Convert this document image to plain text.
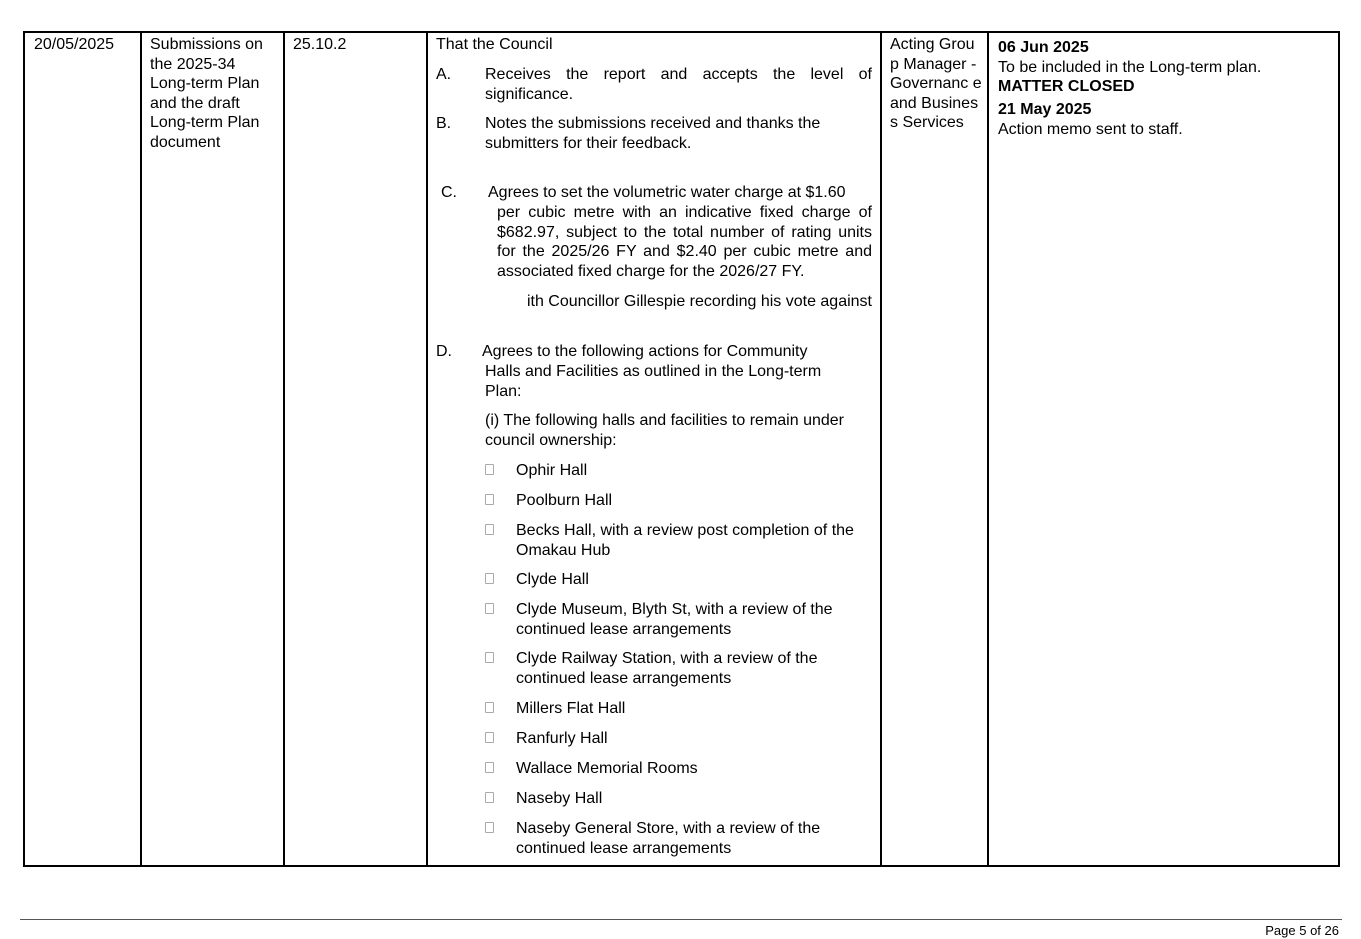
20/05/2025	Submissions on the 2025-34 Long-term Plan and the draft Long-term Plan document
25.10.2	That the Council
A. Receives the report and accepts the level of significance.
B. Notes the submissions received and thanks the submitters for their feedback.
C. Agrees to set the volumetric water charge at $1.60
per cubic metre with an indicative fixed charge of $682.97, subject to the total number of rating units for the 2025/26 FY and $2.40 per cubic metre and associated fixed charge for the 2026/27 FY.
ith Councillor Gillespie recording his vote against
D. Agrees to the following actions for Community
Halls and Facilities as outlined in the Long-term Plan:
(i) The following halls and facilities to remain under council ownership:
Ophir Hall
Poolburn Hall
Becks Hall, with a review post completion of the Omakau Hub
Clyde Hall
Clyde Museum, Blyth St, with a review of the continued lease arrangements
Clyde Railway Station, with a review of the continued lease arrangements
Millers Flat Hall
Ranfurly Hall
Wallace Memorial Rooms
Naseby Hall
Naseby General Store, with a review of the continued lease arrangements
Acting Group Manager - Governanc e and Business Services
06 Jun 2025
To be included in the Long-term plan.
MATTER CLOSED
21 May 2025
Action memo sent to staff.
Page 5 of 26
